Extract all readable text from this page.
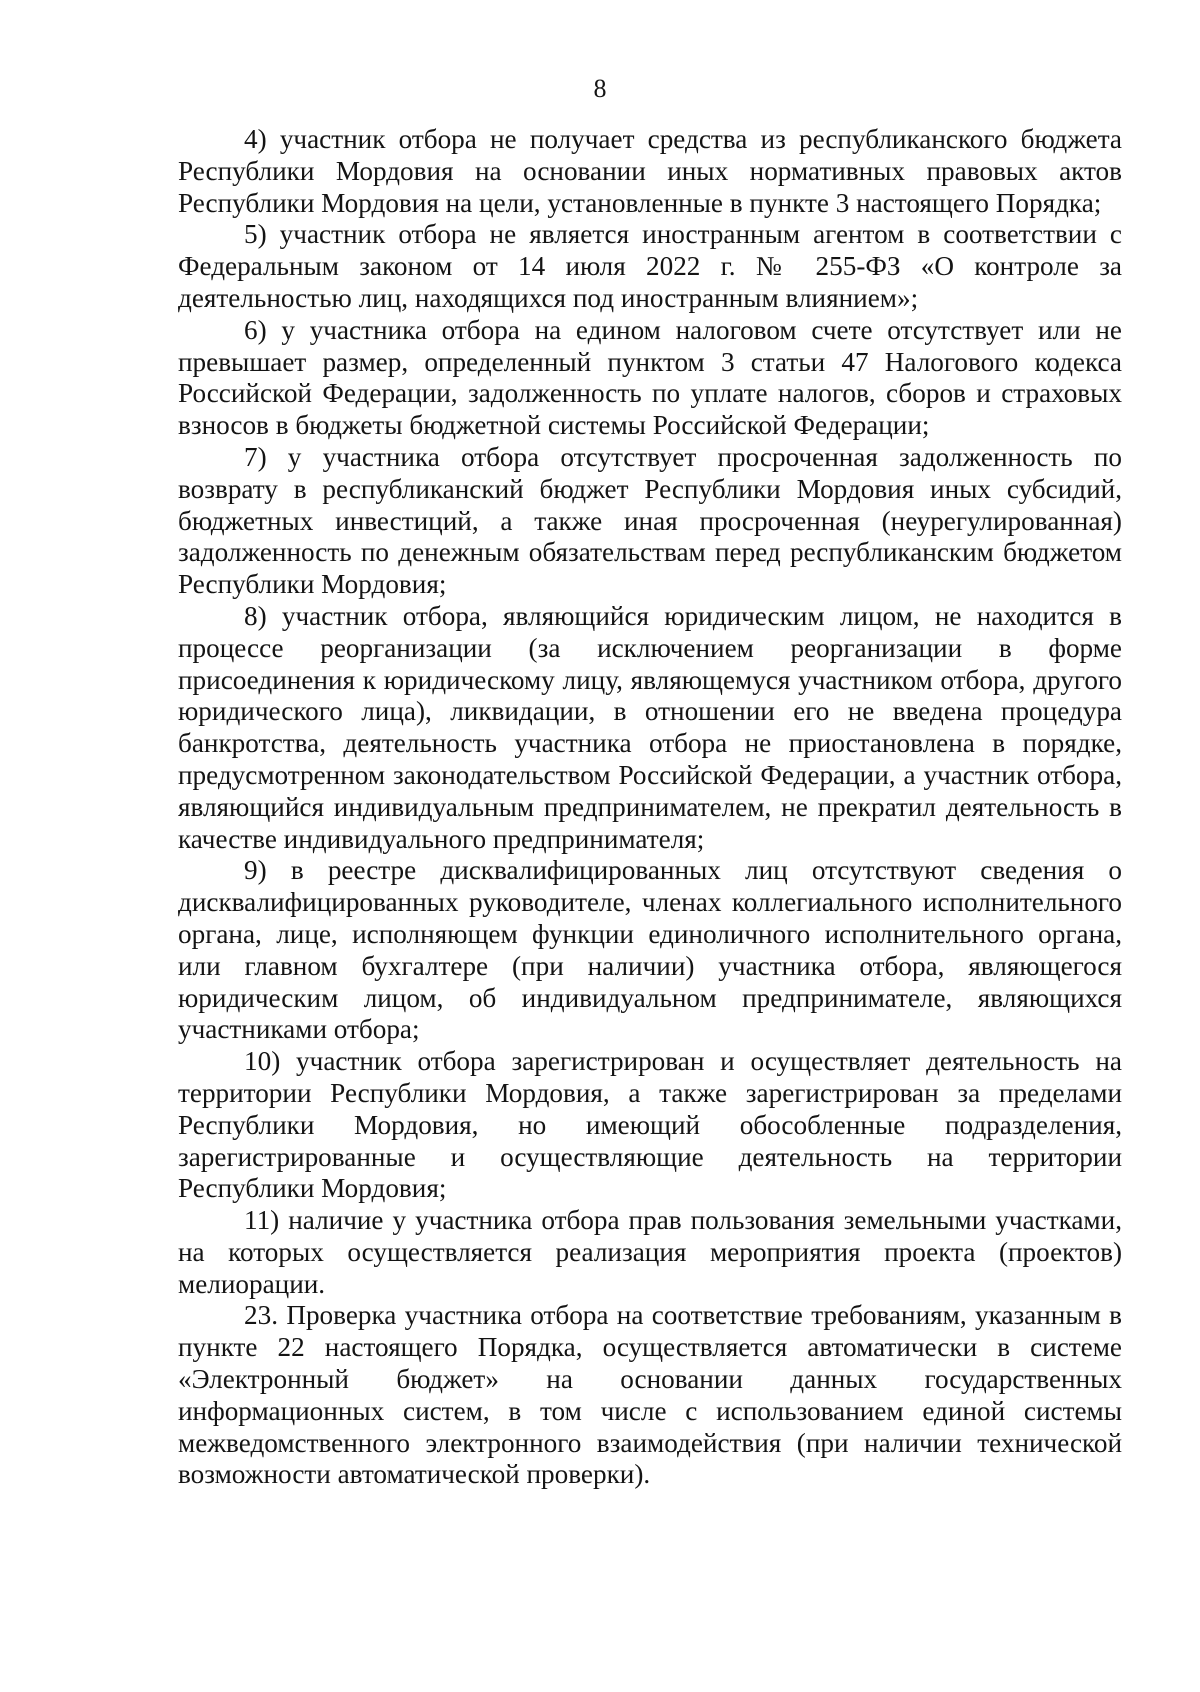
8

4) участник отбора не получает средства из республиканского бюджета Республики Мордовия на основании иных нормативных правовых актов Республики Мордовия на цели, установленные в пункте 3 настоящего Порядка;

5) участник отбора не является иностранным агентом в соответствии с Федеральным законом от 14 июля 2022 г. № 255-ФЗ «О контроле за деятельностью лиц, находящихся под иностранным влиянием»;

6) у участника отбора на едином налоговом счете отсутствует или не превышает размер, определенный пунктом 3 статьи 47 Налогового кодекса Российской Федерации, задолженность по уплате налогов, сборов и страховых взносов в бюджеты бюджетной системы Российской Федерации;

7) у участника отбора отсутствует просроченная задолженность по возврату в республиканский бюджет Республики Мордовия иных субсидий, бюджетных инвестиций, а также иная просроченная (неурегулированная) задолженность по денежным обязательствам перед республиканским бюджетом Республики Мордовия;

8) участник отбора, являющийся юридическим лицом, не находится в процессе реорганизации (за исключением реорганизации в форме присоединения к юридическому лицу, являющемуся участником отбора, другого юридического лица), ликвидации, в отношении его не введена процедура банкротства, деятельность участника отбора не приостановлена в порядке, предусмотренном законодательством Российской Федерации, а участник отбора, являющийся индивидуальным предпринимателем, не прекратил деятельность в качестве индивидуального предпринимателя;

9) в реестре дисквалифицированных лиц отсутствуют сведения о дисквалифицированных руководителе, членах коллегиального исполнительного органа, лице, исполняющем функции единоличного исполнительного органа, или главном бухгалтере (при наличии) участника отбора, являющегося юридическим лицом, об индивидуальном предпринимателе, являющихся участниками отбора;

10) участник отбора зарегистрирован и осуществляет деятельность на территории Республики Мордовия, а также зарегистрирован за пределами Республики Мордовия, но имеющий обособленные подразделения, зарегистрированные и осуществляющие деятельность на территории Республики Мордовия;

11) наличие у участника отбора прав пользования земельными участками, на которых осуществляется реализация мероприятия проекта (проектов) мелиорации.

23. Проверка участника отбора на соответствие требованиям, указанным в пункте 22 настоящего Порядка, осуществляется автоматически в системе «Электронный бюджет» на основании данных государственных информационных систем, в том числе с использованием единой системы межведомственного электронного взаимодействия (при наличии технической возможности автоматической проверки).
